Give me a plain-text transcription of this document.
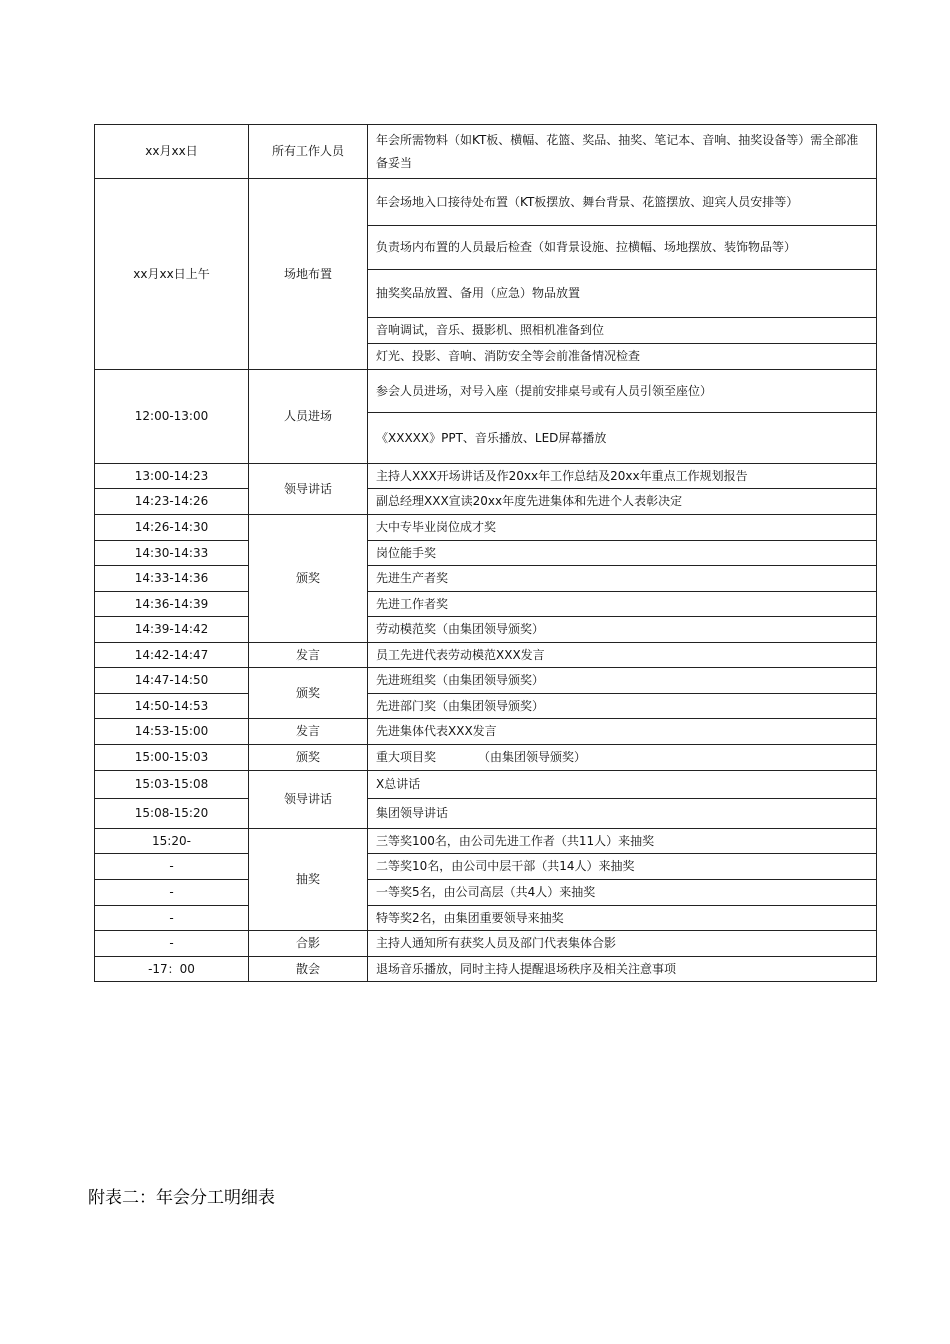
xx月xx日	所有工作人员	年会所需物料（如KT板、横幅、花篮、奖品、抽奖、笔记本、音响、抽奖设备等）需全部准备妥当
xx月xx日上午	场地布置	年会场地入口接待处布置（KT板摆放、舞台背景、花篮摆放、迎宾人员安排等）
		负责场内布置的人员最后检查（如背景设施、拉横幅、场地摆放、装饰物品等）
		抽奖奖品放置、备用（应急）物品放置
		音响调试，音乐、摄影机、照相机准备到位
		灯光、投影、音响、消防安全等会前准备情况检查
12:00-13:00	人员进场	参会人员进场，对号入座（提前安排桌号或有人员引领至座位）
		《XXXXX》PPT、音乐播放、LED屏幕播放
13:00-14:23	领导讲话	主持人XXX开场讲话及作20xx年工作总结及20xx年重点工作规划报告
14:23-14:26		副总经理XXX宣读20xx年度先进集体和先进个人表彰决定
14:26-14:30	颁奖	大中专毕业岗位成才奖
14:30-14:33		岗位能手奖
14:33-14:36		先进生产者奖
14:36-14:39		先进工作者奖
14:39-14:42		劳动模范奖（由集团领导颁奖）
14:42-14:47	发言	员工先进代表劳动模范XXX发言
14:47-14:50	颁奖	先进班组奖（由集团领导颁奖）
14:50-14:53		先进部门奖（由集团领导颁奖）
14:53-15:00	发言	先进集体代表XXX发言
15:00-15:03	颁奖	重大项目奖　　　　（由集团领导颁奖）
15:03-15:08	领导讲话	X总讲话
15:08-15:20		集团领导讲话
15:20-	抽奖	三等奖100名，由公司先进工作者（共11人）来抽奖
-		二等奖10名，由公司中层干部（共14人）来抽奖
-		一等奖5名，由公司高层（共4人）来抽奖
-		特等奖2名，由集团重要领导来抽奖
-	合影	主持人通知所有获奖人员及部门代表集体合影
-17：00	散会	退场音乐播放，同时主持人提醒退场秩序及相关注意事项
附表二：年会分工明细表
